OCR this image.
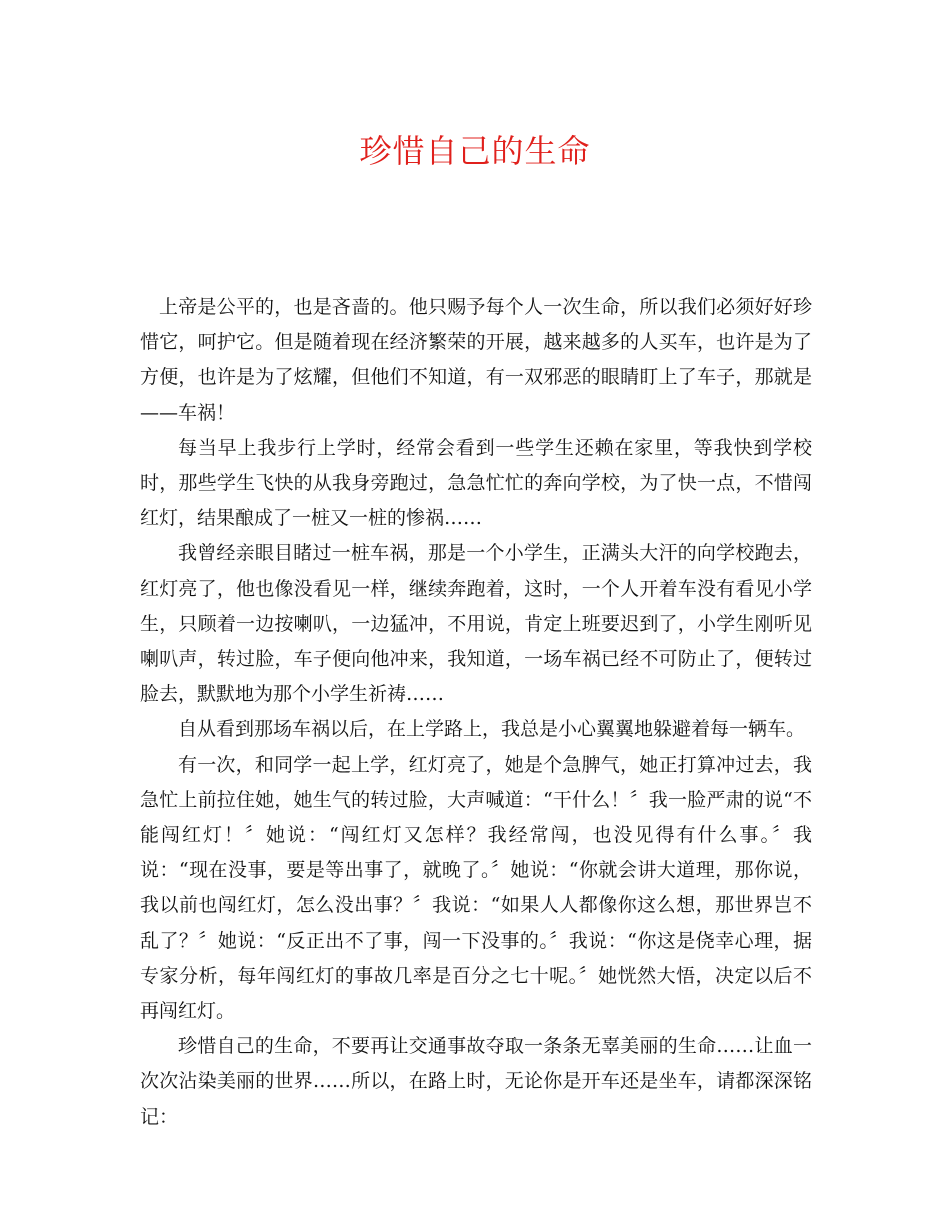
珍惜自己的生命

上帝是公平的，也是吝啬的。他只赐予每个人一次生命，所以我们必须好好珍惜它，呵护它。但是随着现在经济繁荣的开展，越来越多的人买车，也许是为了方便，也许是为了炫耀，但他们不知道，有一双邪恶的眼睛盯上了车子，那就是——车祸！

每当早上我步行上学时，经常会看到一些学生还赖在家里，等我快到学校时，那些学生飞快的从我身旁跑过，急急忙忙的奔向学校，为了快一点，不惜闯红灯，结果酿成了一桩又一桩的惨祸……

我曾经亲眼目睹过一桩车祸，那是一个小学生，正满头大汗的向学校跑去，红灯亮了，他也像没看见一样，继续奔跑着，这时，一个人开着车没有看见小学生，只顾着一边按喇叭，一边猛冲，不用说，肯定上班要迟到了，小学生刚听见喇叭声，转过脸，车子便向他冲来，我知道，一场车祸已经不可防止了，便转过脸去，默默地为那个小学生祈祷……

自从看到那场车祸以后，在上学路上，我总是小心翼翼地躲避着每一辆车。

有一次，和同学一起上学，红灯亮了，她是个急脾气，她正打算冲过去，我急忙上前拉住她，她生气的转过脸，大声喊道：“干什么！〞我一脸严肃的说“不能闯红灯！〞她说：“闯红灯又怎样？我经常闯，也没见得有什么事。〞我说：“现在没事，要是等出事了，就晚了。〞她说：“你就会讲大道理，那你说，我以前也闯红灯，怎么没出事？〞我说：“如果人人都像你这么想，那世界岂不乱了？〞她说：“反正出不了事，闯一下没事的。〞我说：“你这是侥幸心理，据专家分析，每年闯红灯的事故几率是百分之七十呢。〞她恍然大悟，决定以后不再闯红灯。

珍惜自己的生命，不要再让交通事故夺取一条条无辜美丽的生命……让血一次次沾染美丽的世界……所以，在路上时，无论你是开车还是坐车，请都深深铭记：
